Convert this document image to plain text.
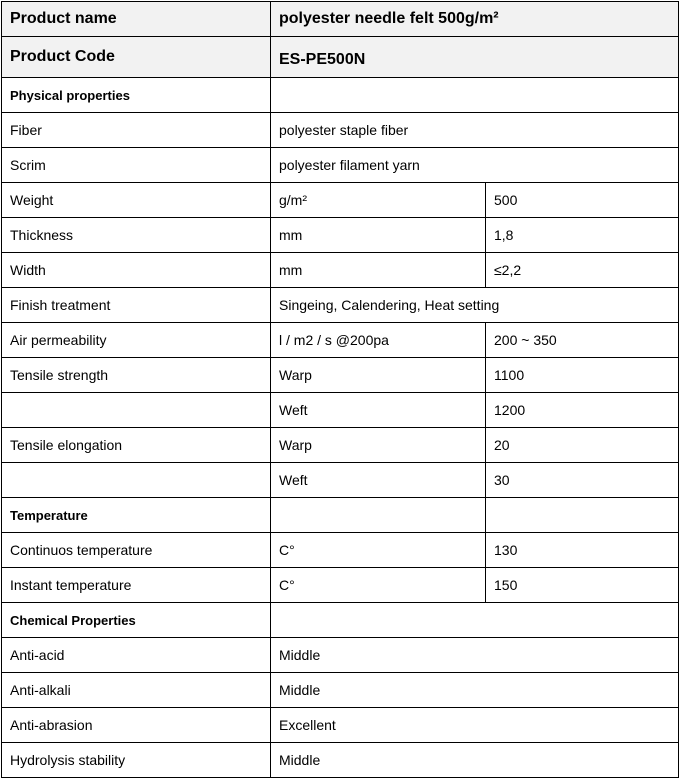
Product name	polyester needle felt 500g/m²	
Product Code	ES-PE500N	
Physical properties		
Fiber	polyester staple fiber	
Scrim	polyester filament yarn	
Weight	g/m²	500
Thickness	mm	1,8
Width	mm	≤2,2
Finish treatment	Singeing, Calendering, Heat setting	
Air permeability	l / m2 / s @200pa	200 ~ 350
Tensile strength	Warp	1100
	Weft	1200
Tensile elongation	Warp	20
	Weft	30
Temperature		
Continuos temperature	C°	130
Instant temperature	C°	150
Chemical Properties		
Anti-acid	Middle	
Anti-alkali	Middle	
Anti-abrasion	Excellent	
Hydrolysis stability	Middle	
